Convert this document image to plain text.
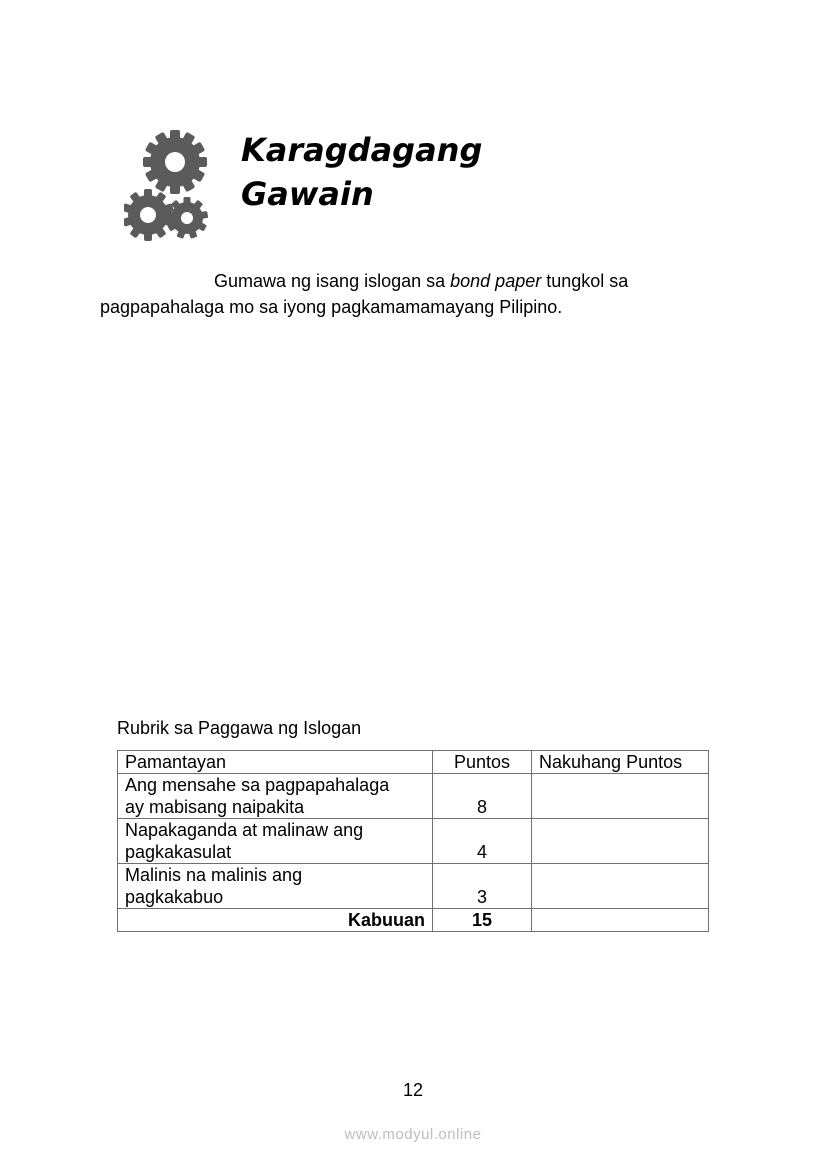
Karagdagang
Gawain
Gumawa ng isang islogan sa bond paper tungkol sa
pagpapahalaga mo sa iyong pagkamamamayang Pilipino.
Rubrik sa Paggawa ng Islogan
Pamantayan	Puntos	Nakuhang Puntos
Ang mensahe sa pagpapahalaga
ay mabisang naipakita	8	
Napakaganda at malinaw ang
pagkakasulat	4	
Malinis na malinis ang
pagkakabuo	3	
Kabuuan	15	
12
www.modyul.online
